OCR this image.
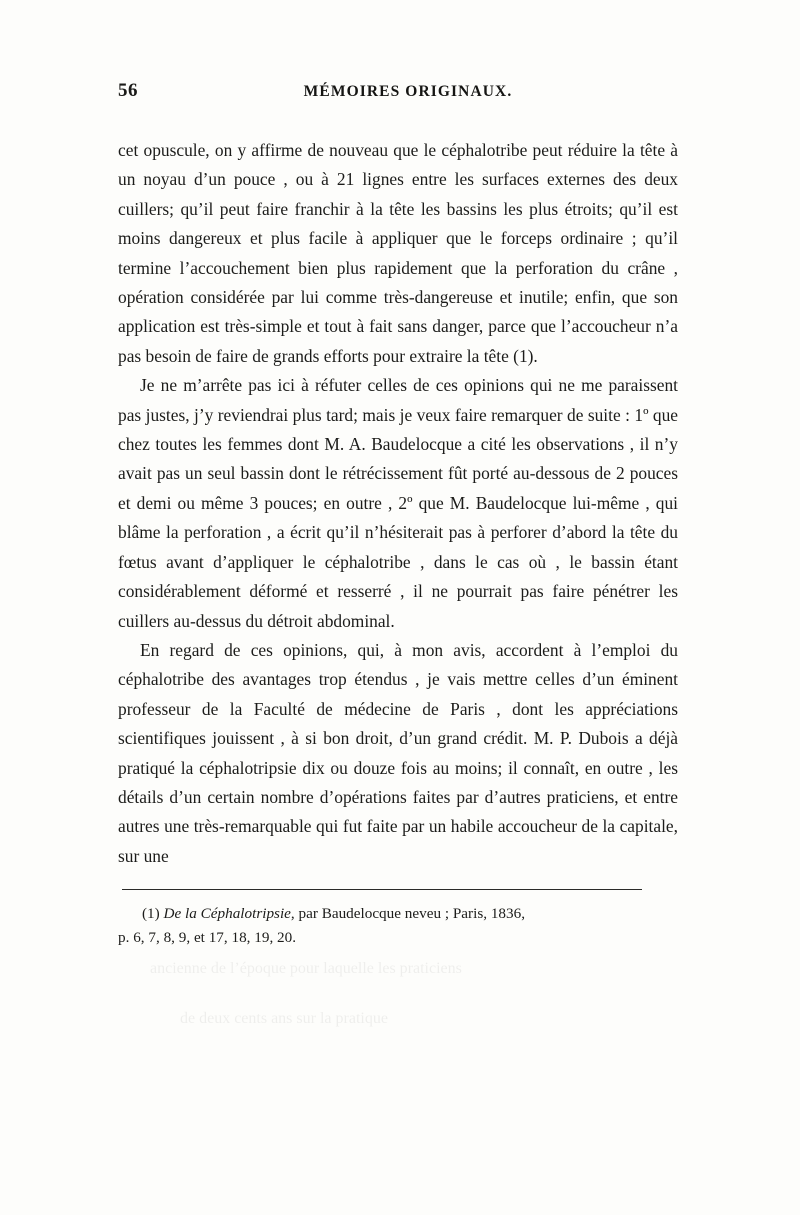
ancienne de l’époque pour laquelle les praticiens
de deux cents ans sur la pratique
56	MÉMOIRES ORIGINAUX.

cet opuscule, on y affirme de nouveau que le céphalotribe peut réduire la tête à un noyau d’un pouce , ou à 21 lignes entre les surfaces externes des deux cuillers; qu’il peut faire franchir à la tête les bassins les plus étroits; qu’il est moins dangereux et plus facile à appliquer que le forceps ordinaire ; qu’il termine l’accouchement bien plus rapidement que la perforation du crâne , opération considérée par lui comme très-dangereuse et inutile; enfin, que son application est très-simple et tout à fait sans danger, parce que l’accoucheur n’a pas besoin de faire de grands efforts pour extraire la tête (1).

Je ne m’arrête pas ici à réfuter celles de ces opinions qui ne me paraissent pas justes, j’y reviendrai plus tard; mais je veux faire remarquer de suite : 1º que chez toutes les femmes dont M. A. Baudelocque a cité les observations , il n’y avait pas un seul bassin dont le rétrécissement fût porté au-dessous de 2 pouces et demi ou même 3 pouces; en outre , 2º que M. Baudelocque lui-même , qui blâme la perforation , a écrit qu’il n’hésiterait pas à perforer d’abord la tête du fœtus avant d’appliquer le céphalotribe , dans le cas où , le bassin étant considérablement déformé et resserré , il ne pourrait pas faire pénétrer les cuillers au-dessus du détroit abdominal.

En regard de ces opinions, qui, à mon avis, accordent à l’emploi du céphalotribe des avantages trop étendus , je vais mettre celles d’un éminent professeur de la Faculté de médecine de Paris , dont les appréciations scientifiques jouissent , à si bon droit, d’un grand crédit. M. P. Dubois a déjà pratiqué la céphalotripsie dix ou douze fois au moins; il connaît, en outre , les détails d’un certain nombre d’opérations faites par d’autres praticiens, et entre autres une très-remarquable qui fut faite par un habile accoucheur de la capitale, sur une

(1) De la Céphalotripsie, par Baudelocque neveu ; Paris, 1836,
p. 6, 7, 8, 9, et 17, 18, 19, 20.
